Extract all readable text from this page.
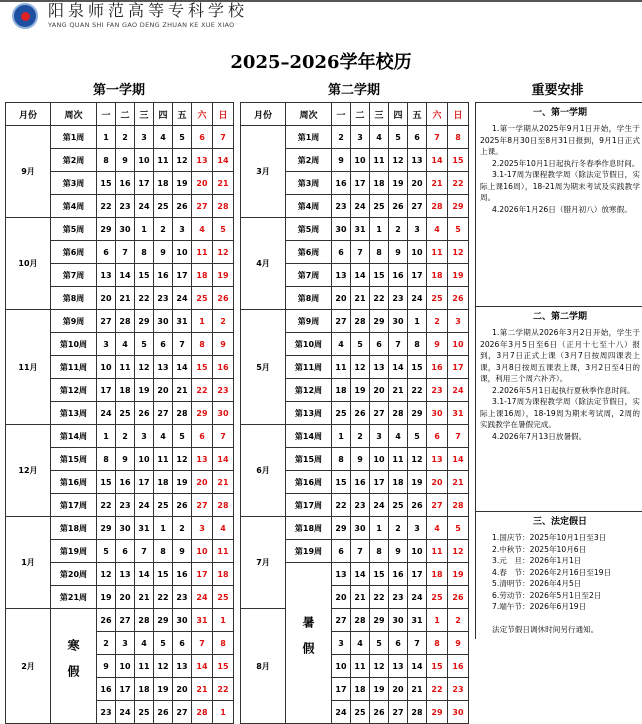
阳泉师范高等专科学校
YANG QUAN SHI FAN GAO DENG ZHUAN KE XUE XIAO
2025–2026学年校历
第一学期
月份	周次	一	二	三	四	五	六	日
9月	第1周	1	2	3	4	5	6	7
	第2周	8	9	10	11	12	13	14
	第3周	15	16	17	18	19	20	21
	第4周	22	23	24	25	26	27	28
10月	第5周	29	30	1	2	3	4	5
	第6周	6	7	8	9	10	11	12
	第7周	13	14	15	16	17	18	19
	第8周	20	21	22	23	24	25	26
11月	第9周	27	28	29	30	31	1	2
	第10周	3	4	5	6	7	8	9
	第11周	10	11	12	13	14	15	16
	第12周	17	18	19	20	21	22	23
	第13周	24	25	26	27	28	29	30
12月	第14周	1	2	3	4	5	6	7
	第15周	8	9	10	11	12	13	14
	第16周	15	16	17	18	19	20	21
	第17周	22	23	24	25	26	27	28
1月	第18周	29	30	31	1	2	3	4
	第19周	5	6	7	8	9	10	11
	第20周	12	13	14	15	16	17	18
	第21周	19	20	21	22	23	24	25
2月	寒假	26	27	28	29	30	31	1
		2	3	4	5	6	7	8
		9	10	11	12	13	14	15
		16	17	18	19	20	21	22
		23	24	25	26	27	28	1
第二学期
月份	周次	一	二	三	四	五	六	日
3月	第1周	2	3	4	5	6	7	8
	第2周	9	10	11	12	13	14	15
	第3周	16	17	18	19	20	21	22
	第4周	23	24	25	26	27	28	29
4月	第5周	30	31	1	2	3	4	5
	第6周	6	7	8	9	10	11	12
	第7周	13	14	15	16	17	18	19
	第8周	20	21	22	23	24	25	26
5月	第9周	27	28	29	30	1	2	3
	第10周	4	5	6	7	8	9	10
	第11周	11	12	13	14	15	16	17
	第12周	18	19	20	21	22	23	24
	第13周	25	26	27	28	29	30	31
6月	第14周	1	2	3	4	5	6	7
	第15周	8	9	10	11	12	13	14
	第16周	15	16	17	18	19	20	21
	第17周	22	23	24	25	26	27	28
7月	第18周	29	30	1	2	3	4	5
	第19周	6	7	8	9	10	11	12
	暑假	13	14	15	16	17	18	19
		20	21	22	23	24	25	26
8月		27	28	29	30	31	1	2
		3	4	5	6	7	8	9
		10	11	12	13	14	15	16
		17	18	19	20	21	22	23
		24	25	26	27	28	29	30
重要安排
一、第一学期

1.第一学期从2025年9月1日开始，学生于2025年8月30日至8月31日报到，9月1日正式上课。

2.2025年10月1日起执行冬春季作息时间。

3.1-17周为课程教学周（除法定节假日，实际上课16周），18-21周为期末考试及实践教学周。

4.2026年1月26日（腊月初八）放寒假。

二、第二学期

1.第二学期从2026年3月2日开始，学生于2026年3月5日至6日（正月十七至十八）报到，3月7日正式上课（3月7日按周四课表上课，3月8日按周五课表上课，3月2日至4日的课，利用三个周六补齐）。

2.2026年5月1日起执行夏秋季作息时间。

3.1-17周为课程教学周（除法定节假日，实际上课16周），18-19周为期末考试周，2周的实践教学在暑假完成。

4.2026年7月13日放暑假。

三、法定假日
1.国庆节：2025年10月1日至3日
2.中秋节：2025年10月6日
3.元　旦：2026年1月1日
4.春　节：2026年2月16日至19日
5.清明节：2026年4月5日
6.劳动节：2026年5月1日至2日
7.端午节：2026年6月19日
法定节假日调休时间另行通知。
